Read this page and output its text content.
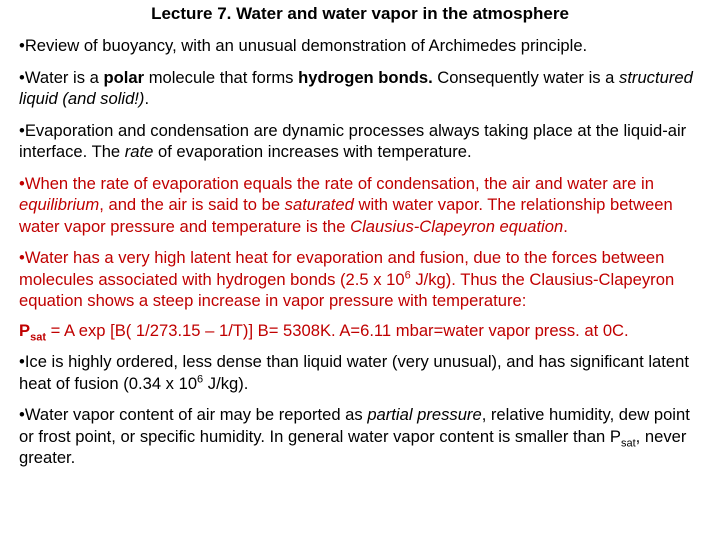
Lecture 7. Water and water vapor in the atmosphere

•Review of buoyancy, with an unusual demonstration of Archimedes principle.

•Water is a polar molecule that forms hydrogen bonds. Consequently water is a structured liquid (and solid!).

•Evaporation and condensation are dynamic processes always taking place at the liquid-air interface. The rate of evaporation increases with temperature.

•When the rate of evaporation equals the rate of condensation, the air and water are in equilibrium, and the air is said to be saturated with water vapor. The relationship between water vapor pressure and temperature is the Clausius-Clapeyron equation.

•Water has a very high latent heat for evaporation and fusion, due to the forces between molecules associated with hydrogen bonds (2.5 x $10^6$ J/kg). Thus the Clausius-Clapeyron equation shows a steep increase in vapor pressure with temperature:

$P_{sat} = A$ exp [B( 1/273.15 – 1/T)] B= 5308K. A=6.11 mbar=water vapor press. at 0C.

•Ice is highly ordered, less dense than liquid water (very unusual), and has significant latent heat of fusion (0.34 x $10^6$ J/kg).

•Water vapor content of air may be reported as partial pressure, relative humidity, dew point or frost point, or specific humidity. In general water vapor content is smaller than $P_{sat}$, never greater.
